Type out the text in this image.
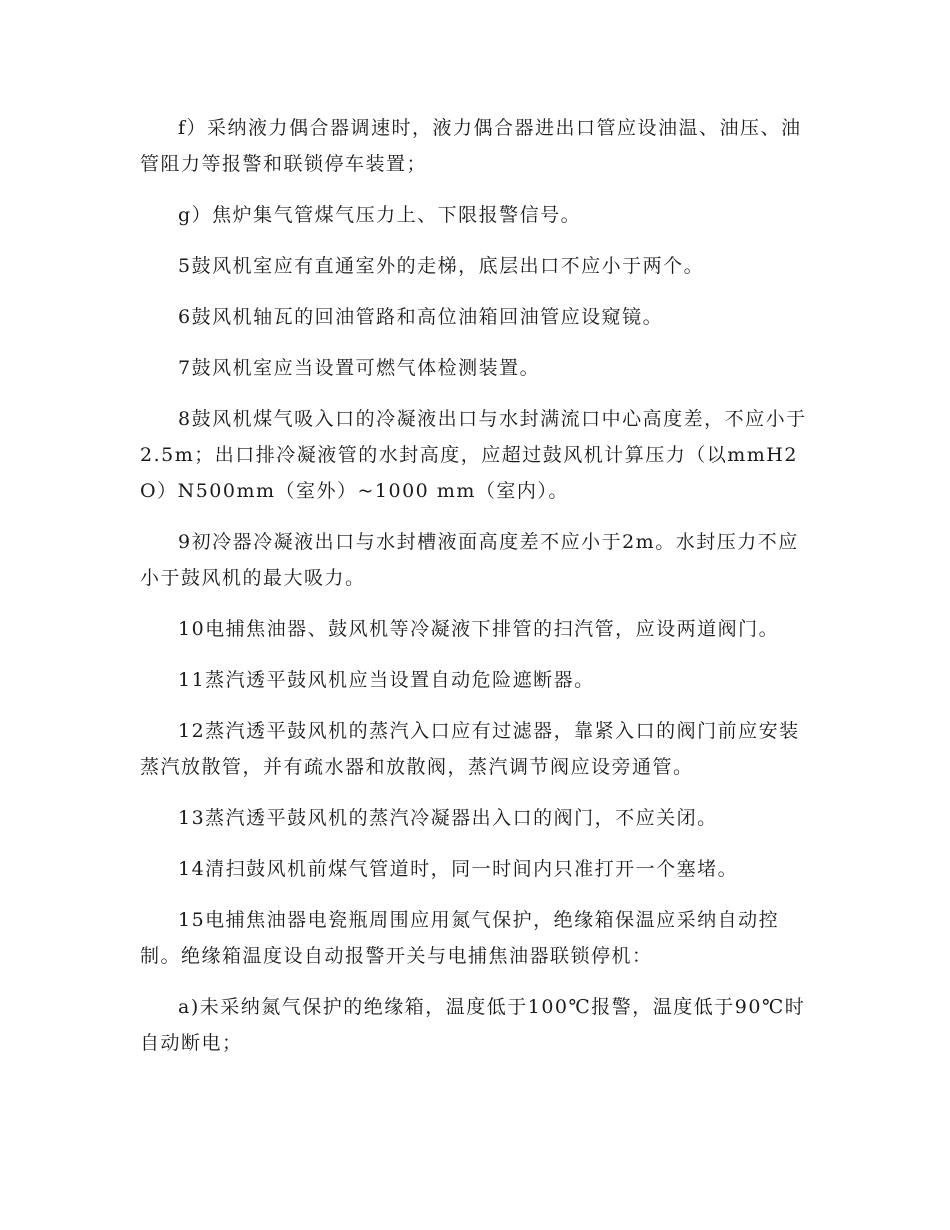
f）采纳液力偶合器调速时，液力偶合器进出口管应设油温、油压、油管阻力等报警和联锁停车装置；

g）焦炉集气管煤气压力上、下限报警信号。

5鼓风机室应有直通室外的走梯，底层出口不应小于两个。

6鼓风机轴瓦的回油管路和高位油箱回油管应设窥镜。

7鼓风机室应当设置可燃气体检测装置。

8鼓风机煤气吸入口的冷凝液出口与水封满流口中心高度差，不应小于2.5m；出口排冷凝液管的水封高度，应超过鼓风机计算压力（以mmH2O）N500mm（室外）~1000 mm（室内）。

9初冷器冷凝液出口与水封槽液面高度差不应小于2m。水封压力不应小于鼓风机的最大吸力。

10电捕焦油器、鼓风机等冷凝液下排管的扫汽管，应设两道阀门。

11蒸汽透平鼓风机应当设置自动危险遮断器。

12蒸汽透平鼓风机的蒸汽入口应有过滤器，靠紧入口的阀门前应安装蒸汽放散管，并有疏水器和放散阀，蒸汽调节阀应设旁通管。

13蒸汽透平鼓风机的蒸汽冷凝器出入口的阀门，不应关闭。

14清扫鼓风机前煤气管道时，同一时间内只准打开一个塞堵。

15电捕焦油器电瓷瓶周围应用氮气保护，绝缘箱保温应采纳自动控制。绝缘箱温度设自动报警开关与电捕焦油器联锁停机：

a)未采纳氮气保护的绝缘箱，温度低于100℃报警，温度低于90℃时自动断电；
